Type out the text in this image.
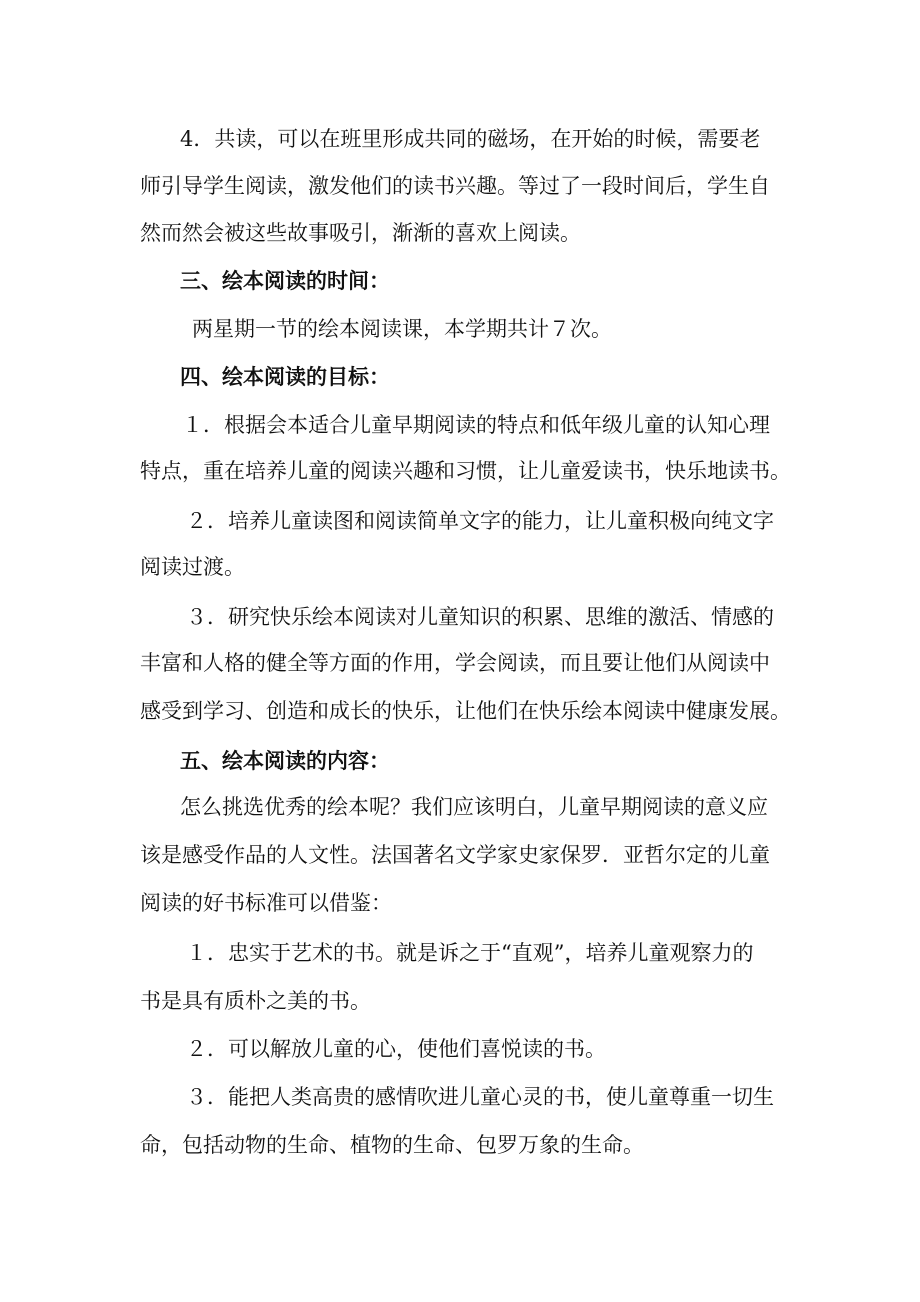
4．共读，可以在班里形成共同的磁场，在开始的时候，需要老

师引导学生阅读，激发他们的读书兴趣。等过了一段时间后，学生自

然而然会被这些故事吸引，渐渐的喜欢上阅读。

三、绘本阅读的时间：

两星期一节的绘本阅读课，本学期共计７次。

四、绘本阅读的目标：

１．根据会本适合儿童早期阅读的特点和低年级儿童的认知心理

特点，重在培养儿童的阅读兴趣和习惯，让儿童爱读书，快乐地读书。

２．培养儿童读图和阅读简单文字的能力，让儿童积极向纯文字

阅读过渡。

３．研究快乐绘本阅读对儿童知识的积累、思维的激活、情感的

丰富和人格的健全等方面的作用，学会阅读，而且要让他们从阅读中

感受到学习、创造和成长的快乐，让他们在快乐绘本阅读中健康发展。

五、绘本阅读的内容：

怎么挑选优秀的绘本呢？我们应该明白，儿童早期阅读的意义应

该是感受作品的人文性。法国著名文学家史家保罗．亚哲尔定的儿童

阅读的好书标准可以借鉴：

１．忠实于艺术的书。就是诉之于“直观”，培养儿童观察力的

书是具有质朴之美的书。

２．可以解放儿童的心，使他们喜悦读的书。

３．能把人类高贵的感情吹进儿童心灵的书，使儿童尊重一切生

命，包括动物的生命、植物的生命、包罗万象的生命。
